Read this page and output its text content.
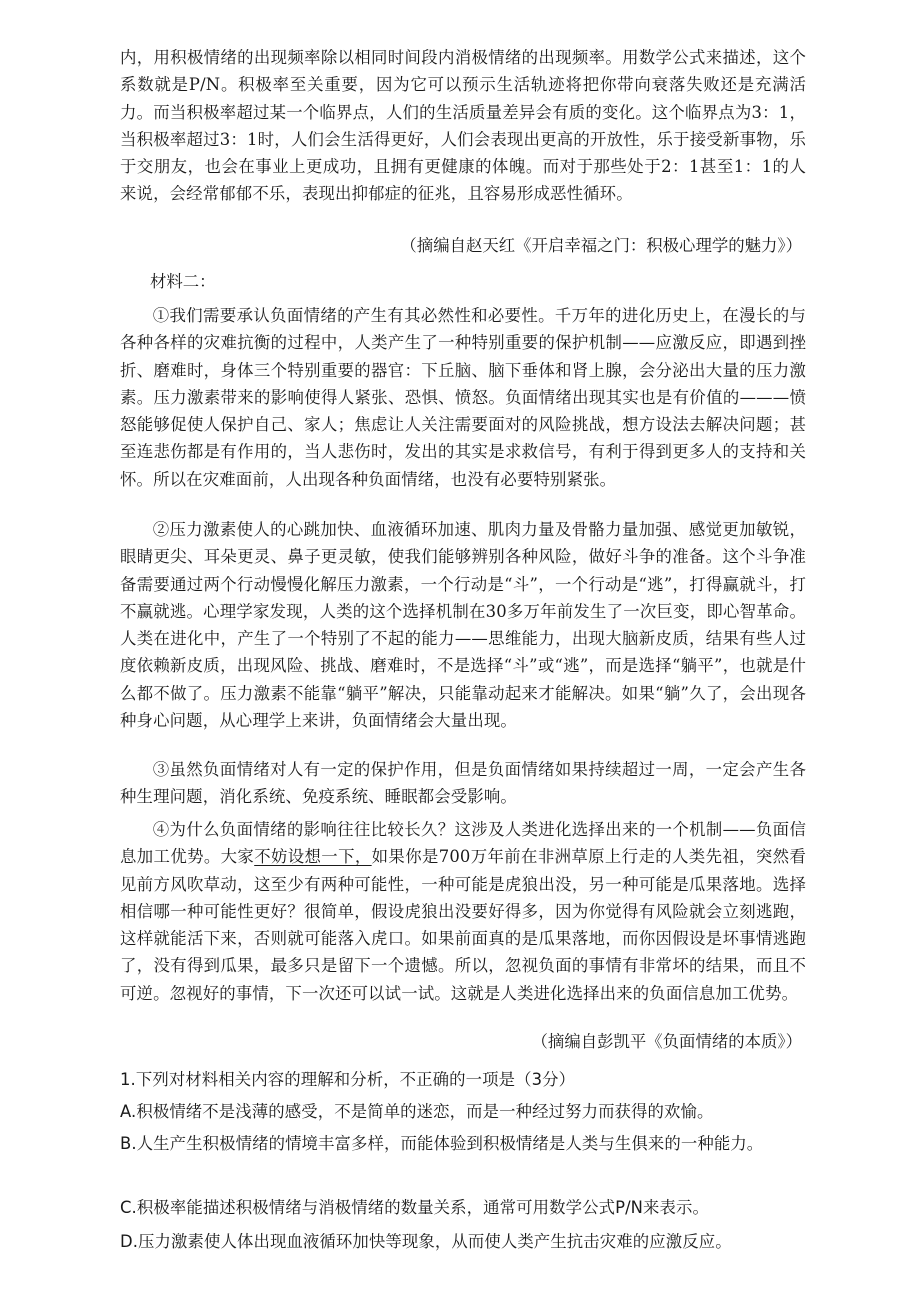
内，用积极情绪的出现频率除以相同时间段内消极情绪的出现频率。用数学公式来描述，这个系数就是P/N。积极率至关重要，因为它可以预示生活轨迹将把你带向衰落失败还是充满活力。而当积极率超过某一个临界点，人们的生活质量差异会有质的变化。这个临界点为3：1，当积极率超过3：1时，人们会生活得更好，人们会表现出更高的开放性，乐于接受新事物，乐于交朋友，也会在事业上更成功，且拥有更健康的体魄。而对于那些处于2：1甚至1：1的人来说，会经常郁郁不乐，表现出抑郁症的征兆，且容易形成恶性循环。

（摘编自赵天红《开启幸福之门：积极心理学的魅力》）

材料二：

①我们需要承认负面情绪的产生有其必然性和必要性。千万年的进化历史上，在漫长的与各种各样的灾难抗衡的过程中，人类产生了一种特别重要的保护机制——应激反应，即遇到挫折、磨难时，身体三个特别重要的器官：下丘脑、脑下垂体和肾上腺，会分泌出大量的压力激素。压力激素带来的影响使得人紧张、恐惧、愤怒。负面情绪出现其实也是有价值的———愤怒能够促使人保护自己、家人；焦虑让人关注需要面对的风险挑战，想方设法去解决问题；甚至连悲伤都是有作用的，当人悲伤时，发出的其实是求救信号，有利于得到更多人的支持和关怀。所以在灾难面前，人出现各种负面情绪，也没有必要特别紧张。

②压力激素使人的心跳加快、血液循环加速、肌肉力量及骨骼力量加强、感觉更加敏锐，眼睛更尖、耳朵更灵、鼻子更灵敏，使我们能够辨别各种风险，做好斗争的准备。这个斗争准备需要通过两个行动慢慢化解压力激素，一个行动是“斗”，一个行动是“逃”，打得赢就斗，打不赢就逃。心理学家发现，人类的这个选择机制在30多万年前发生了一次巨变，即心智革命。人类在进化中，产生了一个特别了不起的能力——思维能力，出现大脑新皮质，结果有些人过度依赖新皮质，出现风险、挑战、磨难时，不是选择“斗”或“逃”，而是选择“躺平”，也就是什么都不做了。压力激素不能靠“躺平”解决，只能靠动起来才能解决。如果“躺”久了，会出现各种身心问题，从心理学上来讲，负面情绪会大量出现。

③虽然负面情绪对人有一定的保护作用，但是负面情绪如果持续超过一周，一定会产生各种生理问题，消化系统、免疫系统、睡眠都会受影响。

④为什么负面情绪的影响往往比较长久？这涉及人类进化选择出来的一个机制——负面信息加工优势。大家不妨设想一下，如果你是700万年前在非洲草原上行走的人类先祖，突然看见前方风吹草动，这至少有两种可能性，一种可能是虎狼出没，另一种可能是瓜果落地。选择相信哪一种可能性更好？很简单，假设虎狼出没要好得多，因为你觉得有风险就会立刻逃跑，这样就能活下来，否则就可能落入虎口。如果前面真的是瓜果落地，而你因假设是坏事情逃跑了，没有得到瓜果，最多只是留下一个遗憾。所以，忽视负面的事情有非常坏的结果，而且不可逆。忽视好的事情，下一次还可以试一试。这就是人类进化选择出来的负面信息加工优势。

（摘编自彭凯平《负面情绪的本质》）

1.下列对材料相关内容的理解和分析，不正确的一项是（3分）

A.积极情绪不是浅薄的感受，不是简单的迷恋，而是一种经过努力而获得的欢愉。

B.人生产生积极情绪的情境丰富多样，而能体验到积极情绪是人类与生俱来的一种能力。

C.积极率能描述积极情绪与消极情绪的数量关系，通常可用数学公式P/N来表示。

D.压力激素使人体出现血液循环加快等现象，从而使人类产生抗击灾难的应激反应。
